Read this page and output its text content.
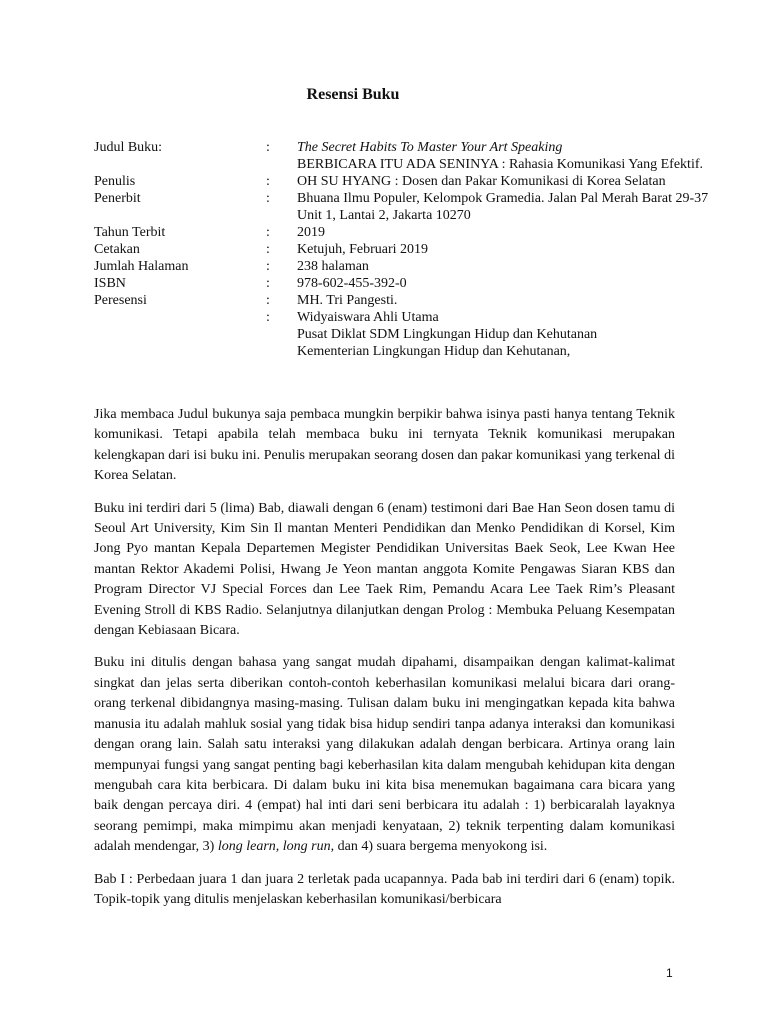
Resensi Buku
Judul Buku:	: The Secret Habits To Master Your Art Speaking
BERBICARA ITU ADA SENINYA : Rahasia Komunikasi Yang Efektif.
Penulis	: OH SU HYANG : Dosen dan Pakar Komunikasi di Korea Selatan
Penerbit	: Bhuana Ilmu Populer, Kelompok Gramedia. Jalan Pal Merah Barat 29-37 Unit 1, Lantai 2, Jakarta 10270
Tahun Terbit	: 2019
Cetakan	: Ketujuh, Februari 2019
Jumlah Halaman	: 238 halaman
ISBN	: 978-602-455-392-0
Peresensi	: MH. Tri Pangesti.
: Widyaiswara Ahli Utama
Pusat Diklat SDM Lingkungan Hidup dan Kehutanan
Kementerian Lingkungan Hidup dan Kehutanan,

Jika membaca Judul bukunya saja pembaca mungkin berpikir bahwa isinya pasti hanya tentang Teknik komunikasi. Tetapi apabila telah membaca buku ini ternyata Teknik komunikasi merupakan kelengkapan dari isi buku ini. Penulis merupakan seorang dosen dan pakar komunikasi yang terkenal di Korea Selatan.

Buku ini terdiri dari 5 (lima) Bab, diawali dengan 6 (enam) testimoni dari Bae Han Seon dosen tamu di Seoul Art University, Kim Sin Il mantan Menteri Pendidikan dan Menko Pendidikan di Korsel, Kim Jong Pyo mantan Kepala Departemen Megister Pendidikan Universitas Baek Seok, Lee Kwan Hee mantan Rektor Akademi Polisi, Hwang Je Yeon mantan anggota Komite Pengawas Siaran KBS dan Program Director VJ Special Forces dan Lee Taek Rim, Pemandu Acara Lee Taek Rim’s Pleasant Evening Stroll di KBS Radio. Selanjutnya dilanjutkan dengan Prolog : Membuka Peluang Kesempatan dengan Kebiasaan Bicara.

Buku ini ditulis dengan bahasa yang sangat mudah dipahami, disampaikan dengan kalimat-kalimat singkat dan jelas serta diberikan contoh-contoh keberhasilan komunikasi melalui bicara dari orang-orang terkenal dibidangnya masing-masing. Tulisan dalam buku ini mengingatkan kepada kita bahwa manusia itu adalah mahluk sosial yang tidak bisa hidup sendiri tanpa adanya interaksi dan komunikasi dengan orang lain. Salah satu interaksi yang dilakukan adalah dengan berbicara. Artinya orang lain mempunyai fungsi yang sangat penting bagi keberhasilan kita dalam mengubah kehidupan kita dengan mengubah cara kita berbicara. Di dalam buku ini kita bisa menemukan bagaimana cara bicara yang baik dengan percaya diri. 4 (empat) hal inti dari seni berbicara itu adalah : 1) berbicaralah layaknya seorang pemimpi, maka mimpimu akan menjadi kenyataan, 2) teknik terpenting dalam komunikasi adalah mendengar, 3) long learn, long run, dan 4) suara bergema menyokong isi.

Bab I : Perbedaan juara 1 dan juara 2 terletak pada ucapannya. Pada bab ini terdiri dari 6 (enam) topik. Topik-topik yang ditulis menjelaskan keberhasilan komunikasi/berbicara

1
